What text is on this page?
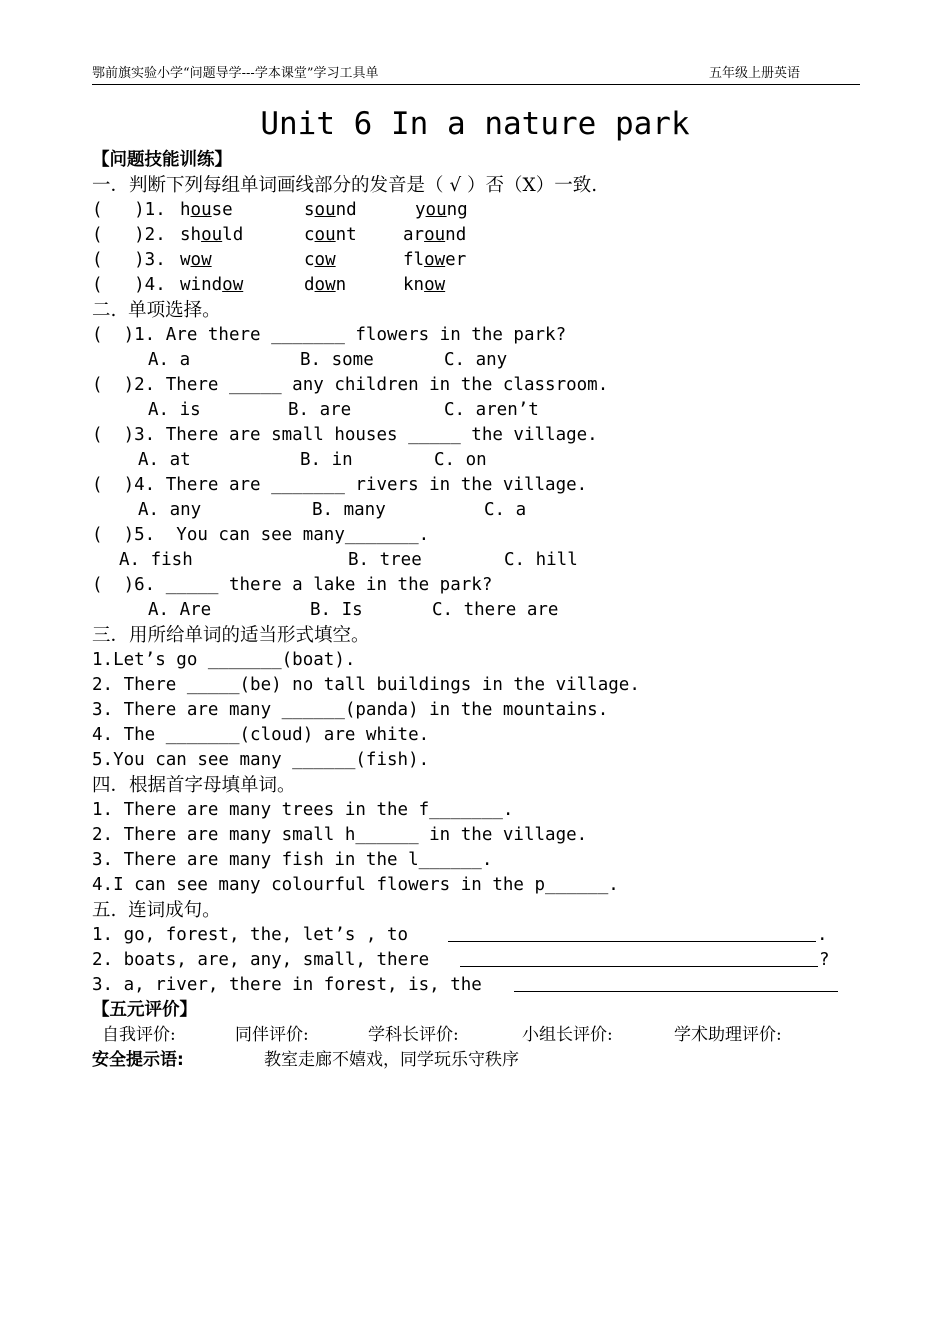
鄂前旗实验小学“问题导学---学本课堂”学习工具单	五年级上册英语
Unit 6 In a nature park
【问题技能训练】
一．判断下列每组单词画线部分的发音是（ √ ）否（X）一致.
(   )1. house	sound	young
(   )2. should	count	around
(   )3. wow	cow	flower
(   )4. window	down	know
二.  单项选择。
(  )1. Are there _______ flowers in the park?
A. a	B. some	C. any
(  )2. There _____ any children in the classroom.
A. is	B. are	C. aren’t
(  )3. There are small houses _____ the village.
A. at	B. in	C. on
(  )4. There are _______ rivers in the village.
A. any	B. many	C. a
(  )5.  You can see many_______.
A. fish	B. tree	C. hill
(  )6. _____ there a lake in the park?
A. Are	B. Is	C. there are
三．用所给单词的适当形式填空。
1.Let’s go _______(boat).
2. There _____(be) no tall buildings in the village.
3. There are many ______(panda) in the mountains.
4. The _______(cloud) are white.
5.You can see many ______(fish).
四．根据首字母填单词。
1. There are many trees in the f_______.
2. There are many small h______ in the village.
3. There are many fish in the l______.
4.I can see many colourful flowers in the p______.
五.  连词成句。
1. go, forest, the, let’s , to	.
2. boats, are, any, small, there	?
3. a, river, there in forest, is, the
【五元评价】
自我评价:	同伴评价:	学科长评价:	小组长评价:	学术助理评价:

安全提示语:

	教室走廊不嬉戏，同学玩乐守秩序
